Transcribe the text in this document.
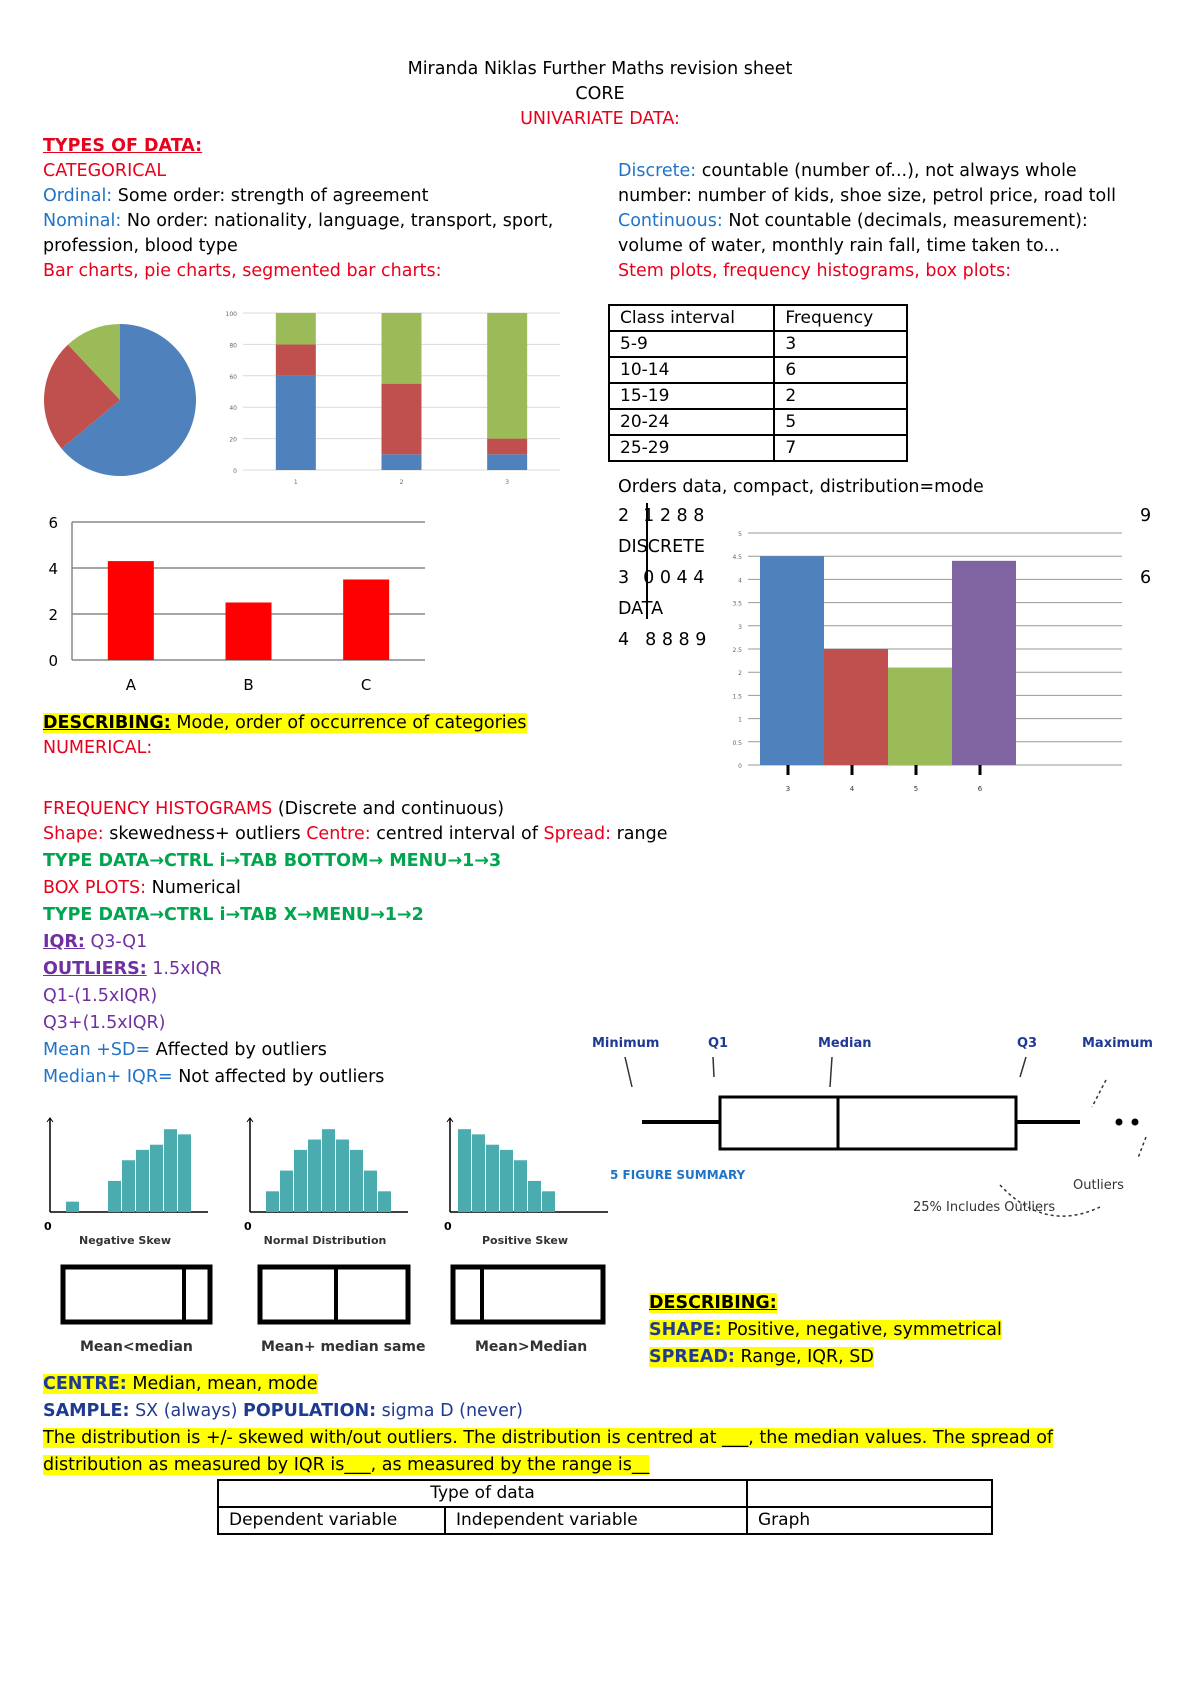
Miranda Niklas Further Maths revision sheet
CORE
UNIVARIATE DATA:
TYPES OF DATA:
CATEGORICAL
Ordinal: Some order: strength of agreement
Nominal: No order: nationality, language, transport, sport,
profession, blood type
Bar charts, pie charts, segmented bar charts:
Discrete: countable (number of...), not always whole
number: number of kids, shoe size, petrol price, road toll
Continuous: Not countable (decimals, measurement):
volume of water, monthly rain fall, time taken to...
Stem plots, frequency histograms, box plots:
0
20
40
60
80
100
1	2	3
0
2
4
6
A	B	C
Class interval	Frequency
5-9	3
10-14	6
15-19	2
20-24	5
25-29	7
Orders data, compact, distribution=mode
2 1 2 8 8
DISCRETE
3 0 0 4 4
DATA
4 8 8 8 9
9
6
0
0.5
1
1.5
2
2.5
3
3.5
4
4.5
5
3	4	5	6
DESCRIBING: Mode, order of occurrence of categories
NUMERICAL:
FREQUENCY HISTOGRAMS (Discrete and continuous)
Shape: skewedness+ outliers Centre: centred interval of Spread: range
TYPE DATA→CTRL i→TAB BOTTOM→ MENU→1→3
BOX PLOTS: Numerical
TYPE DATA→CTRL i→TAB X→MENU→1→2
IQR: Q3-Q1
OUTLIERS: 1.5xIQR
Q1-(1.5xIQR)
Q3+(1.5xIQR)
Mean +SD= Affected by outliers
Median+ IQR= Not affected by outliers
Minimum	Q1	Median	Q3	Maximum
5 FIGURE SUMMARY
Outliers
25% Includes Outliers
0
Negative Skew
0
Normal Distribution
0
Positive Skew
Mean<median	Mean+ median same	Mean>Median
DESCRIBING:
SHAPE: Positive, negative, symmetrical
SPREAD: Range, IQR, SD
CENTRE: Median, mean, mode
SAMPLE: SX (always) POPULATION: sigma D (never)
The distribution is +/- skewed with/out outliers. The distribution is centred at ___, the median values. The spread of
distribution as measured by IQR is___, as measured by the range is__
Type of data		
Dependent variable	Independent variable	Graph
